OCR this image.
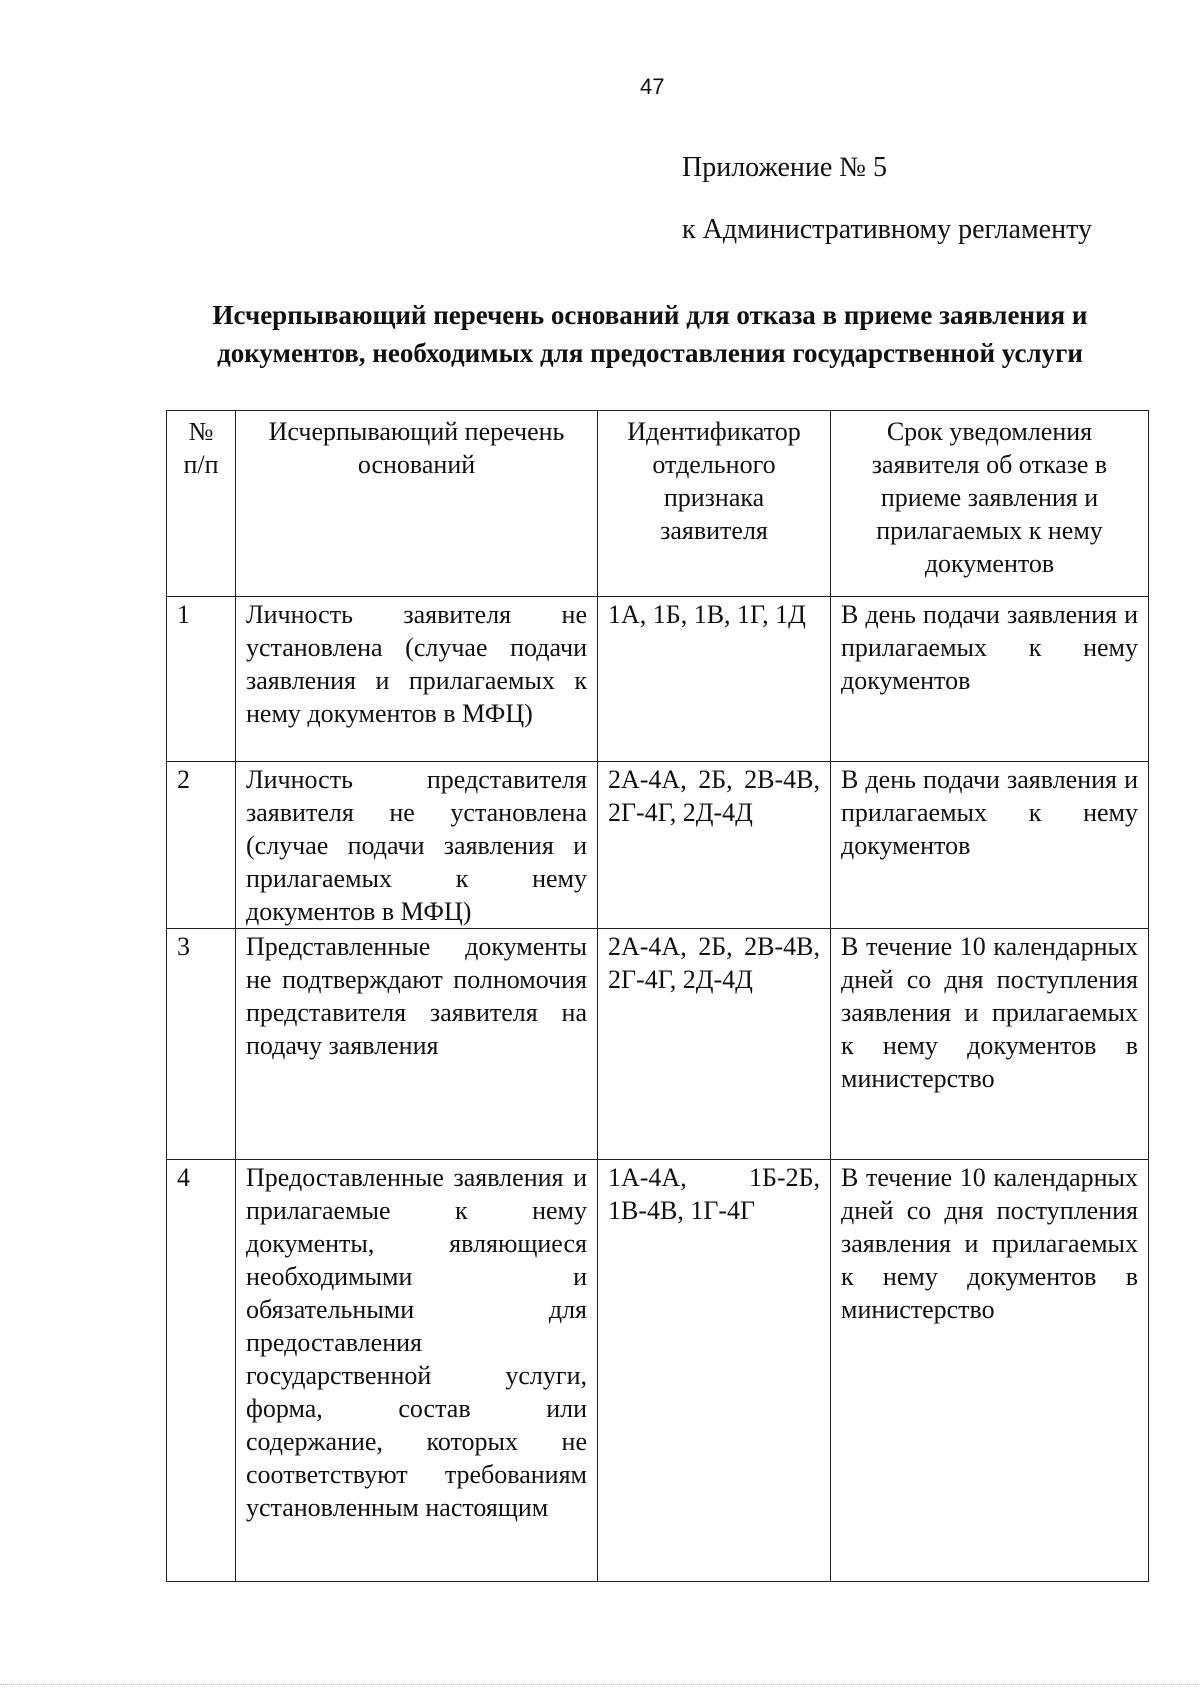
47
Приложение № 5
к Административному регламенту
Исчерпывающий перечень оснований для отказа в приеме заявления и документов, необходимых для предоставления государственной услуги
№ п/п	Исчерпывающий перечень оснований	Идентификатор отдельного признака заявителя	Срок уведомления заявителя об отказе в приеме заявления и прилагаемых к нему документов
1	Личность заявителя не установлена (случае подачи заявления и прилагаемых к нему документов в МФЦ)	1А, 1Б, 1В, 1Г, 1Д	В день подачи заявления и прилагаемых к нему документов
2	Личность представителя заявителя не установлена (случае подачи заявления и прилагаемых к нему документов в МФЦ)	2А-4А, 2Б, 2В-4В, 2Г-4Г, 2Д-4Д	В день подачи заявления и прилагаемых к нему документов
3	Представленные документы не подтверждают полномочия представителя заявителя на подачу заявления	2А-4А, 2Б, 2В-4В, 2Г-4Г, 2Д-4Д	В течение 10 календарных дней со дня поступления заявления и прилагаемых к нему документов в министерство
4	Предоставленные заявления и прилагаемые к нему документы, являющиеся необходимыми и обязательными для предоставления государственной услуги, форма, состав или содержание, которых не соответствуют требованиям установленным настоящим	1А-4А, 1Б-2Б, 1В-4В, 1Г-4Г	В течение 10 календарных дней со дня поступления заявления и прилагаемых к нему документов в министерство
